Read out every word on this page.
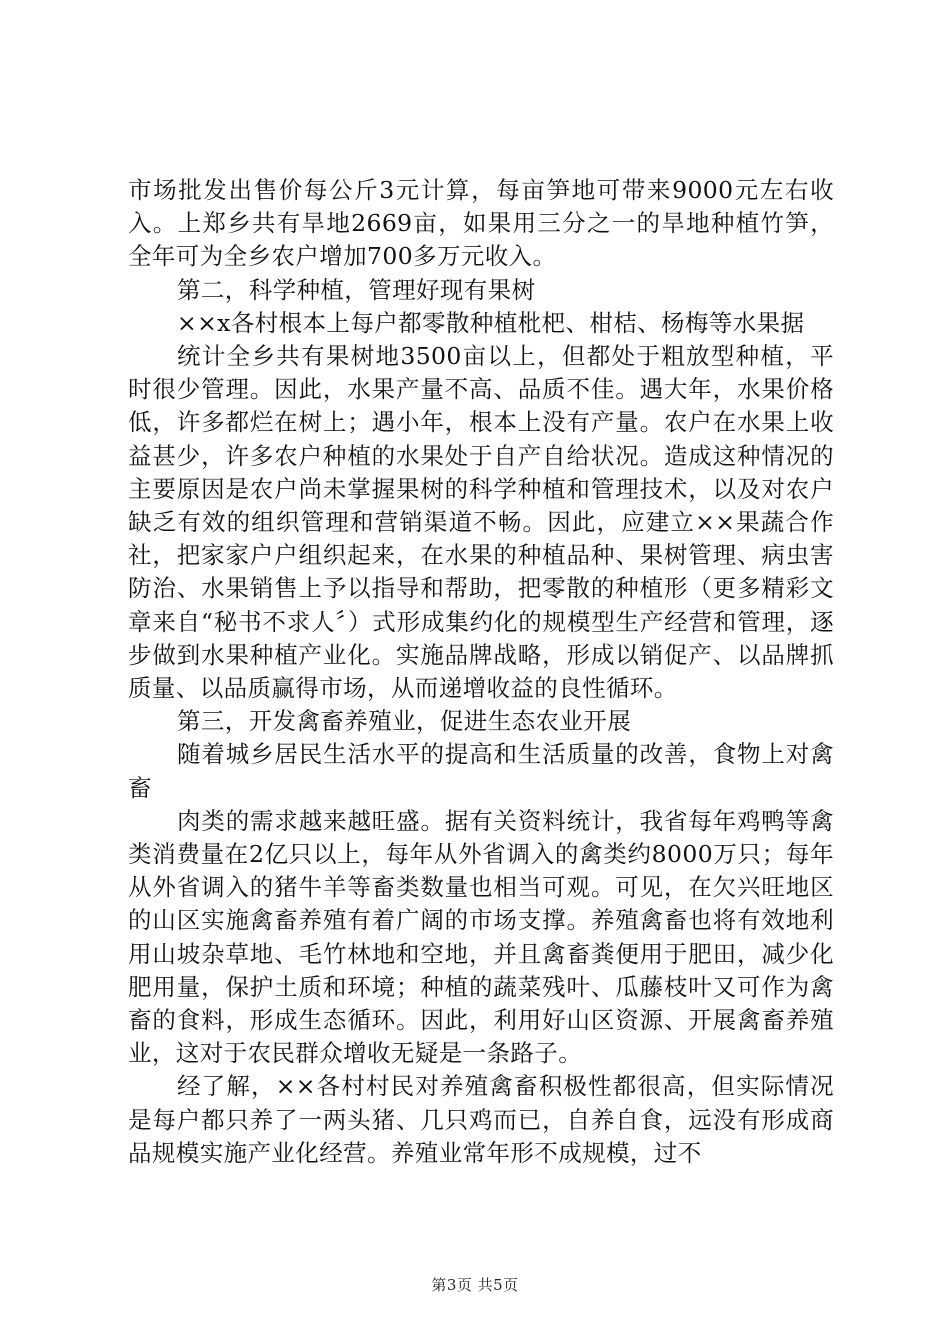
市场批发出售价每公斤3元计算，每亩笋地可带来9000元左右收入。上郑乡共有旱地2669亩，如果用三分之一的旱地种植竹笋，全年可为全乡农户增加700多万元收入。

第二，科学种植，管理好现有果树

××x各村根本上每户都零散种植枇杷、柑桔、杨梅等水果据

统计全乡共有果树地3500亩以上，但都处于粗放型种植，平时很少管理。因此，水果产量不高、品质不佳。遇大年，水果价格低，许多都烂在树上；遇小年，根本上没有产量。农户在水果上收益甚少，许多农户种植的水果处于自产自给状况。造成这种情况的主要原因是农户尚未掌握果树的科学种植和管理技术，以及对农户缺乏有效的组织管理和营销渠道不畅。因此，应建立××果蔬合作社，把家家户户组织起来，在水果的种植品种、果树管理、病虫害防治、水果销售上予以指导和帮助，把零散的种植形（更多精彩文章来自“秘书不求人〞）式形成集约化的规模型生产经营和管理，逐步做到水果种植产业化。实施品牌战略，形成以销促产、以品牌抓质量、以品质赢得市场，从而递增收益的良性循环。

第三，开发禽畜养殖业，促进生态农业开展

随着城乡居民生活水平的提高和生活质量的改善，食物上对禽畜

肉类的需求越来越旺盛。据有关资料统计，我省每年鸡鸭等禽类消费量在2亿只以上，每年从外省调入的禽类约8000万只；每年从外省调入的猪牛羊等畜类数量也相当可观。可见，在欠兴旺地区的山区实施禽畜养殖有着广阔的市场支撑。养殖禽畜也将有效地利用山坡杂草地、毛竹林地和空地，并且禽畜粪便用于肥田，减少化肥用量，保护土质和环境；种植的蔬菜残叶、瓜藤枝叶又可作为禽畜的食料，形成生态循环。因此，利用好山区资源、开展禽畜养殖业，这对于农民群众增收无疑是一条路子。

经了解，××各村村民对养殖禽畜积极性都很高，但实际情况是每户都只养了一两头猪、几只鸡而已，自养自食，远没有形成商品规模实施产业化经营。养殖业常年形不成规模，过不

第3页 共5页
